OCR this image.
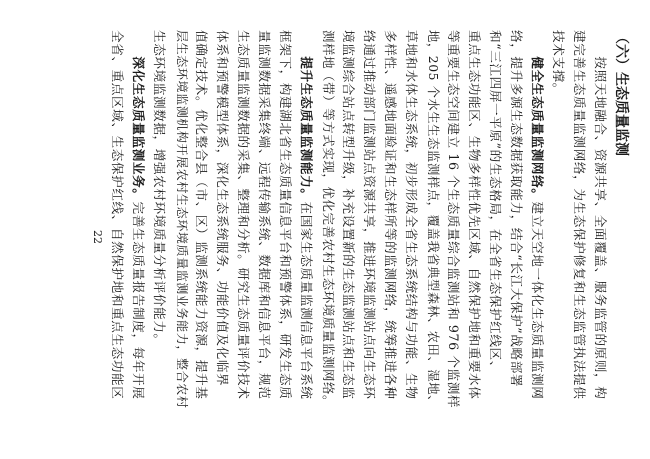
（六）生态质量监测
　　按照天地融合、资源共享、全面覆盖、服务监管的原则，构
建完善生态质量监测网络，为生态保护修复和生态监管执法提供
技术支撑。
　　健全生态质量监测网络。建立天空地一体化生态质量监测网
络，提升多源生态数据获取能力，结合“长江大保护”战略部署
和“三江四屏一平原”的生态格局，在全省生态保护红线区、
重点生态功能区、生物多样性优先区域、自然保护地和重要水体
等重要生态空间建立 16 个生态质量综合监测站和 976 个监测样
地，205 个水生生态监测样点，覆盖我省典型森林、农田、湿地、
草地和水体生态系统，初步形成全省生态系统结构与功能、生物
多样性、遥感地面验证和生态样所等的监测网络，统筹推进各种
络通过推动部门监测站点资源共享，推进环境监测站点向生态环
境监测综合站点转型升级，补充设置新的生态监测站点和生态监
测样地（带）等方式实现，优化完善农村生态环境质量监测网络。
　　提升生态质量监测能力。在国家生态质量监测信息平台系统
框架下，构建湖北省生态质量信息平台和预警体系，研发生态质
量监测数据采集终端、远程传输系统、数据库和信息平台，规范
生态质量监测数据的采集、整理和分析。研究生态质量评价技术
体系和预警模型体系，深化生态系统服务、功能价值及化临界
值确定技术。优化整合县（市、区）监测系统能力资源，提升基
层生态环境监测机构开展农村生态环境质量监测业务能力，整合农村
生态环境监测数据，增强农村环境质量分析评价能力。
　　深化生态质量监测业务。完善生态质量报告制度，每年开展
全省、重点区域、生态保护红线、自然保护地和重点生态功能区
22
